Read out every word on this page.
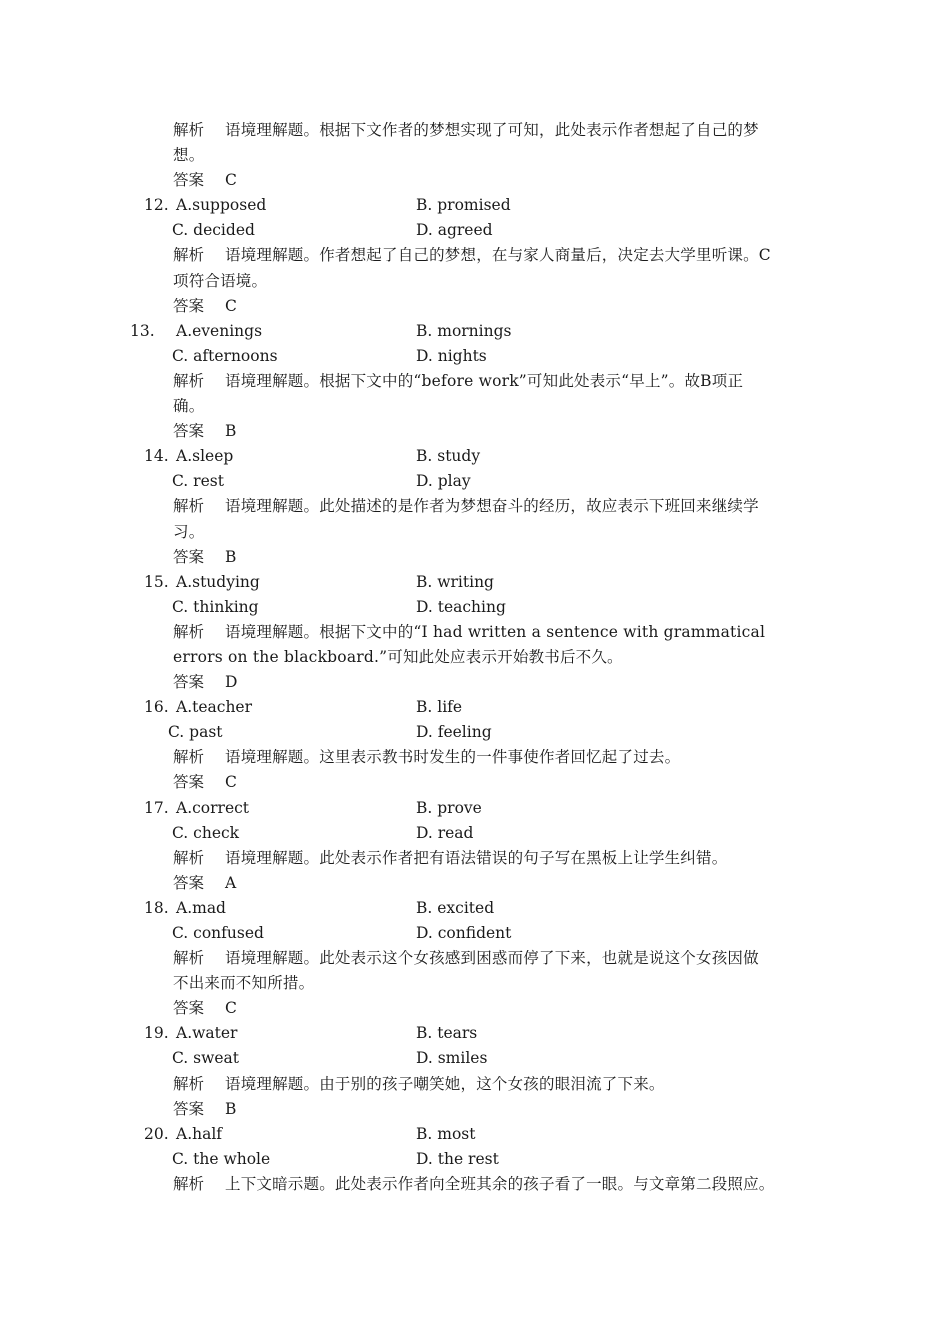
解析 语境理解题。根据下文作者的梦想实现了可知，此处表示作者想起了自己的梦
想。
答案 C
12. A.supposed	B. promised
C. decided	D. agreed
解析 语境理解题。作者想起了自己的梦想，在与家人商量后，决定去大学里听课。C
项符合语境。
答案 C
13. A.evenings	B. mornings
C. afternoons	D. nights
解析 语境理解题。根据下文中的“before work”可知此处表示“早上”。故B项正
确。
答案 B
14. A.sleep	B. study
C. rest	D. play
解析 语境理解题。此处描述的是作者为梦想奋斗的经历，故应表示下班回来继续学
习。
答案 B
15. A.studying	B. writing
C. thinking	D. teaching
解析 语境理解题。根据下文中的“I had written a sentence with grammatical
errors on the blackboard.”可知此处应表示开始教书后不久。
答案 D
16. A.teacher	B. life
C. past	D. feeling
解析 语境理解题。这里表示教书时发生的一件事使作者回忆起了过去。
答案 C
17. A.correct	B. prove
C. check	D. read
解析 语境理解题。此处表示作者把有语法错误的句子写在黑板上让学生纠错。
答案 A
18. A.mad	B. excited
C. confused	D. confident
解析 语境理解题。此处表示这个女孩感到困惑而停了下来，也就是说这个女孩因做
不出来而不知所措。
答案 C
19. A.water	B. tears
C. sweat	D. smiles
解析 语境理解题。由于别的孩子嘲笑她，这个女孩的眼泪流了下来。
答案 B
20. A.half	B. most
C. the whole	D. the rest
解析 上下文暗示题。此处表示作者向全班其余的孩子看了一眼。与文章第二段照应。
